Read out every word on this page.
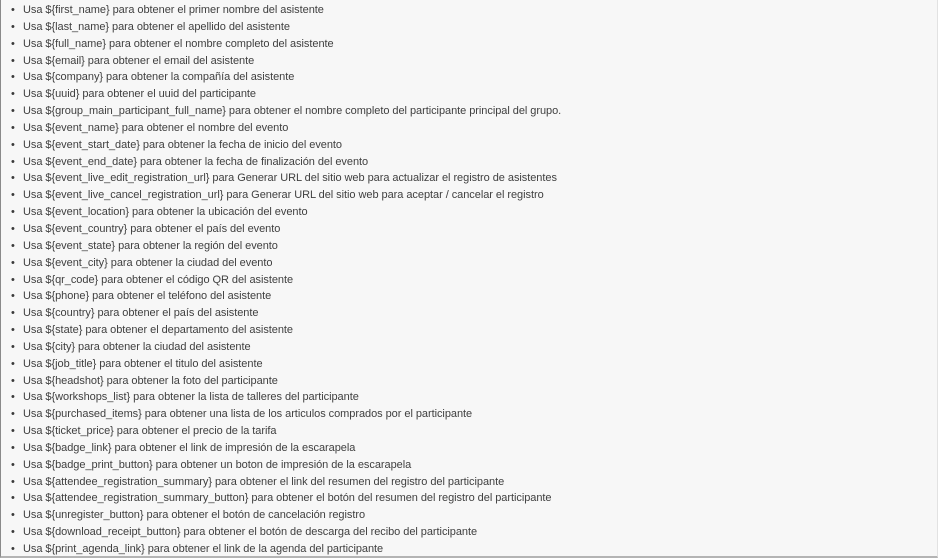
• Usa ${first_name} para obtener el primer nombre del asistente
• Usa ${last_name} para obtener el apellido del asistente
• Usa ${full_name} para obtener el nombre completo del asistente
• Usa ${email} para obtener el email del asistente
• Usa ${company} para obtener la compañía del asistente
• Usa ${uuid} para obtener el uuid del participante
• Usa ${group_main_participant_full_name} para obtener el nombre completo del participante principal del grupo.
• Usa ${event_name} para obtener el nombre del evento
• Usa ${event_start_date} para obtener la fecha de inicio del evento
• Usa ${event_end_date} para obtener la fecha de finalización del evento
• Usa ${event_live_edit_registration_url} para Generar URL del sitio web para actualizar el registro de asistentes
• Usa ${event_live_cancel_registration_url} para Generar URL del sitio web para aceptar / cancelar el registro
• Usa ${event_location} para obtener la ubicación del evento
• Usa ${event_country} para obtener el país del evento
• Usa ${event_state} para obtener la región del evento
• Usa ${event_city} para obtener la ciudad del evento
• Usa ${qr_code} para obtener el código QR del asistente
• Usa ${phone} para obtener el teléfono del asistente
• Usa ${country} para obtener el país del asistente
• Usa ${state} para obtener el departamento del asistente
• Usa ${city} para obtener la ciudad del asistente
• Usa ${job_title} para obtener el titulo del asistente
• Usa ${headshot} para obtener la foto del participante
• Usa ${workshops_list} para obtener la lista de talleres del participante
• Usa ${purchased_items} para obtener una lista de los articulos comprados por el participante
• Usa ${ticket_price} para obtener el precio de la tarifa
• Usa ${badge_link} para obtener el link de impresión de la escarapela
• Usa ${badge_print_button} para obtener un boton de impresión de la escarapela
• Usa ${attendee_registration_summary} para obtener el link del resumen del registro del participante
• Usa ${attendee_registration_summary_button} para obtener el botón del resumen del registro del participante
• Usa ${unregister_button} para obtener el botón de cancelación registro
• Usa ${download_receipt_button} para obtener el botón de descarga del recibo del participante
• Usa ${print_agenda_link} para obtener el link de la agenda del participante
